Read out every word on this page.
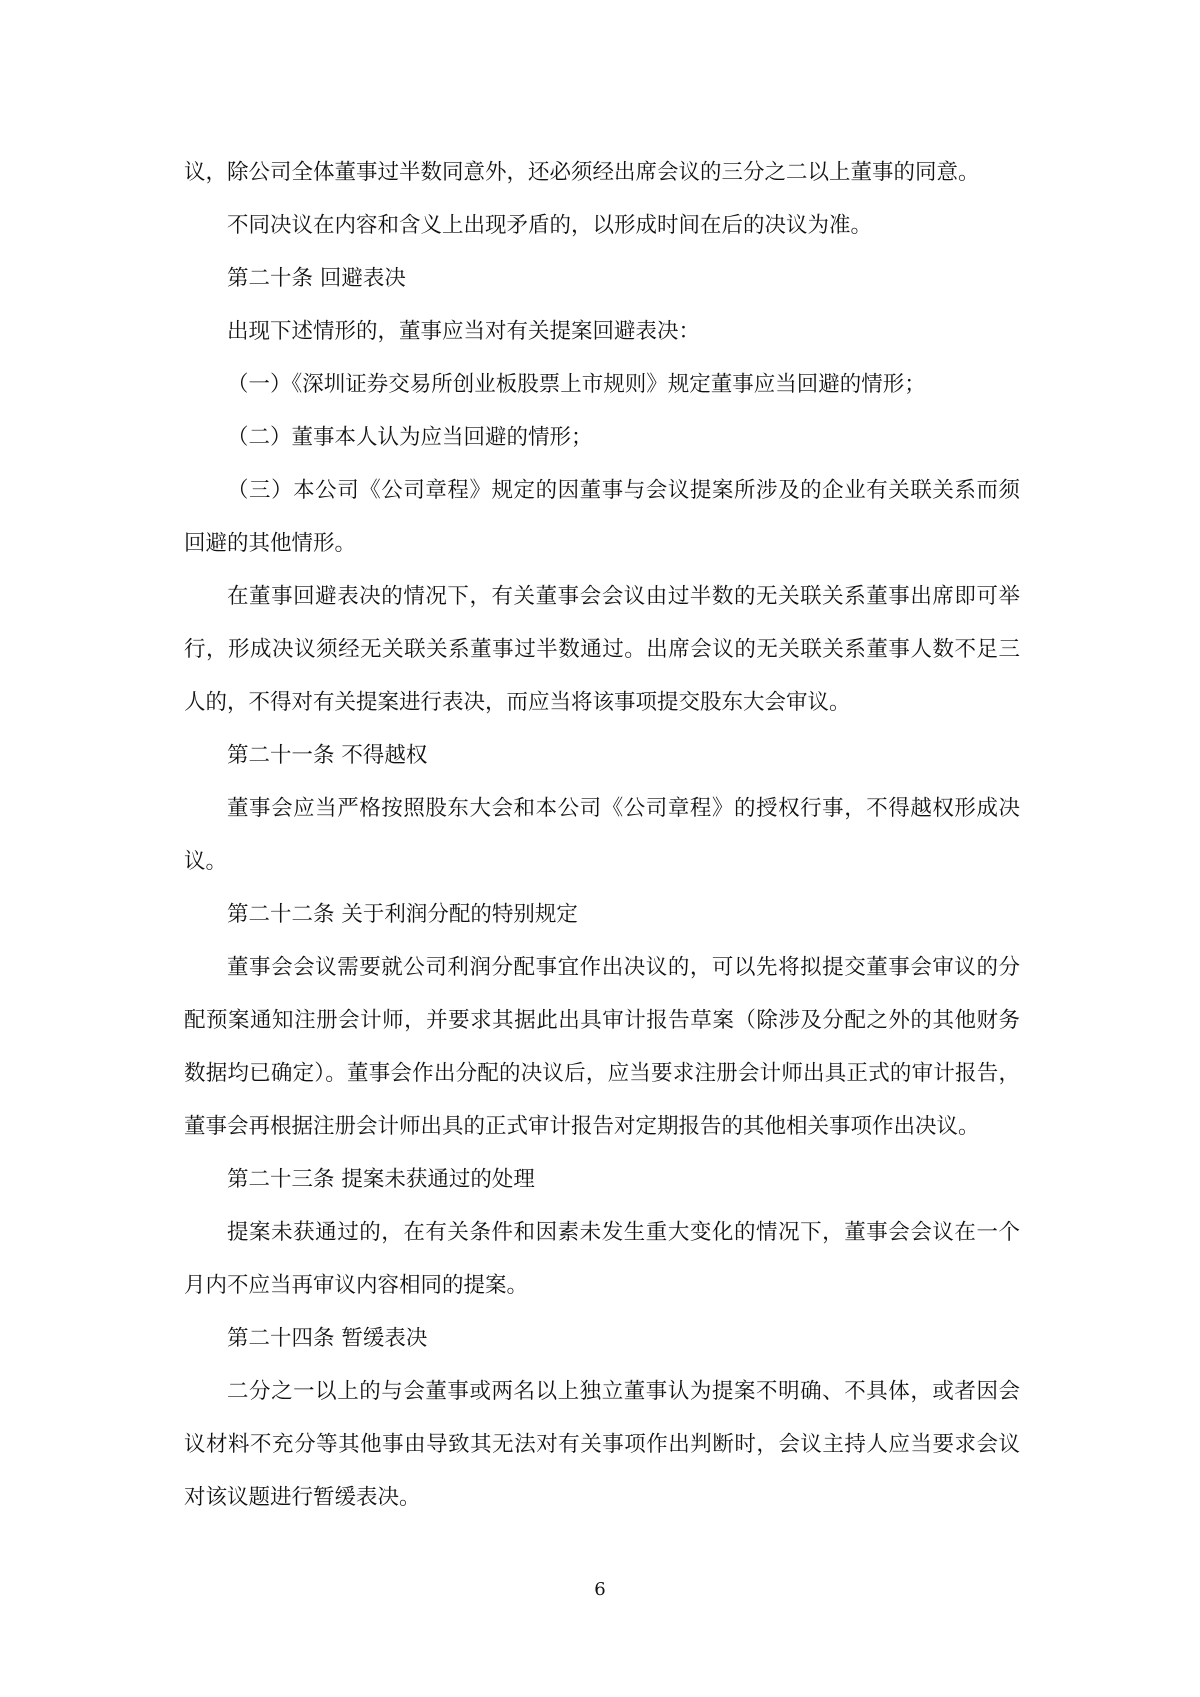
议，除公司全体董事过半数同意外，还必须经出席会议的三分之二以上董事的同意。

不同决议在内容和含义上出现矛盾的，以形成时间在后的决议为准。

第二十条 回避表决

出现下述情形的，董事应当对有关提案回避表决：

（一）《深圳证券交易所创业板股票上市规则》规定董事应当回避的情形；

（二）董事本人认为应当回避的情形；

（三）本公司《公司章程》规定的因董事与会议提案所涉及的企业有关联关系而须回避的其他情形。

在董事回避表决的情况下，有关董事会会议由过半数的无关联关系董事出席即可举行，形成决议须经无关联关系董事过半数通过。出席会议的无关联关系董事人数不足三人的，不得对有关提案进行表决，而应当将该事项提交股东大会审议。

第二十一条 不得越权

董事会应当严格按照股东大会和本公司《公司章程》的授权行事，不得越权形成决议。

第二十二条 关于利润分配的特别规定

董事会会议需要就公司利润分配事宜作出决议的，可以先将拟提交董事会审议的分配预案通知注册会计师，并要求其据此出具审计报告草案（除涉及分配之外的其他财务数据均已确定）。董事会作出分配的决议后，应当要求注册会计师出具正式的审计报告，董事会再根据注册会计师出具的正式审计报告对定期报告的其他相关事项作出决议。

第二十三条 提案未获通过的处理

提案未获通过的，在有关条件和因素未发生重大变化的情况下，董事会会议在一个月内不应当再审议内容相同的提案。

第二十四条 暂缓表决

二分之一以上的与会董事或两名以上独立董事认为提案不明确、不具体，或者因会议材料不充分等其他事由导致其无法对有关事项作出判断时，会议主持人应当要求会议对该议题进行暂缓表决。

6
